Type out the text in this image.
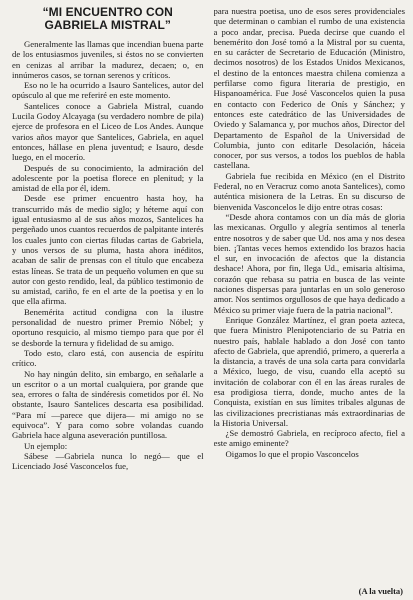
“MI ENCUENTRO CON GABRIELA MISTRAL”

Generalmente las llamas que incendian buena parte de los entusiasmos juveniles, si éstos no se convierten en cenizas al arribar la madurez, decaen; o, en innúmeros casos, se tornan serenos y críticos.

Eso no le ha ocurrido a Isauro Santelices, autor del opúsculo al que me referiré en este momento.

Santelices conoce a Gabriela Mistral, cuando Lucila Godoy Alcayaga (su verdadero nombre de pila) ejerce de profesora en el Liceo de Los Andes. Aunque varios años mayor que Santelices, Gabriela, en aquel entonces, hállase en plena juventud; e Isauro, desde luego, en el mocerío.

Después de su conocimiento, la admiración del adolescente por la poetisa florece en plenitud; y la amistad de ella por él, idem.

Desde ese primer encuentro hasta hoy, ha transcurrido más de medio siglo; y héteme aquí con igual entusiasmo al de sus años mozos, Santelices ha pergeñado unos cuantos recuerdos de palpitante interés los cuales junto con ciertas filudas cartas de Gabriela, y unos versos de su pluma, hasta ahora inéditos, acaban de salir de prensas con el título que encabeza estas líneas. Se trata de un pequeño volumen en que su autor con gesto rendido, leal, da público testimonio de su amistad, cariño, fe en el arte de la poetisa y en lo que ella afirma.

Benemérita actitud condigna con la ilustre personalidad de nuestro primer Premio Nóbel; y oportuno resquicio, al mismo tiempo para que por él se desborde la ternura y fidelidad de su amigo.

Todo esto, claro está, con ausencia de espíritu crítico.

No hay ningún delito, sin embargo, en señalarle a un escritor o a un mortal cualquiera, por grande que sea, errores o falta de sindéresis cometidos por él. No obstante, Isauro Santelices descarta esa posibilidad. “Para mí —parece que dijera— mi amigo no se equivoca”. Y para como sobre volandas cuando Gabriela hace alguna aseveración puntillosa.

Un ejemplo:

Sábese —Gabriela nunca lo negó— que el Licenciado José Vasconcelos fue,

para nuestra poetisa, uno de esos seres providenciales que determinan o cambian el rumbo de una existencia a poco andar, precisa. Pueda decirse que cuando el benemérito don José tomó a la Mistral por su cuenta, en su carácter de Secretario de Educación (Ministro, decimos nosotros) de los Estados Unidos Mexicanos, el destino de la entonces maestra chilena comienza a perfilarse como figura literaria de prestigio, en Hispanoamérica. Fue José Vasconcelos quien la pusa en contacto con Federico de Onís y Sánchez; y entonces este catedrático de las Universidades de Oviedo y Salamanca y, por muchos años, Director del Departamento de Español de la Universidad de Columbia, junto con editarle Desolación, háceia conocer, por sus versos, a todos los pueblos de habla castellana.

Gabriela fue recibida en México (en el Distrito Federal, no en Veracruz como anota Santelices), como auténtica misionera de la Letras. En su discurso de bienvenida Vasconcelos le dijo entre otras cosas:

“Desde ahora contamos con un día más de gloria las mexicanas. Orgullo y alegría sentimos al tenerla entre nosotros y de saber que Ud. nos ama y nos desea bien. ¡Tantas veces hemos extendido los brazos hacia el sur, en invocación de afectos que la distancia deshace! Ahora, por fin, llega Ud., emisaria altísima, corazón que rebasa su patria en busca de las veinte naciones dispersas para juntarlas en un solo generoso amor. Nos sentimos orgullosos de que haya dedicado a México su primer viaje fuera de la patria nacional”.

Enrique González Martínez, el gran poeta azteca, que fuera Ministro Plenipotenciario de su Patria en nuestro país, hablale hablado a don José con tanto afecto de Gabriela, que aprendió, primero, a quererla a la distancia, a través de una sola carta para convidarla a México, luego, de visu, cuando ella aceptó su invitación de colaborar con él en las áreas rurales de esa prodigiosa tierra, donde, mucho antes de la Conquista, existían en sus límites tribales algunas de las civilizaciones precristianas más extraordinarias de la Historia Universal.

¿Se demostró Gabriela, en recíproco afecto, fiel a este amigo eminente?

Oigamos lo que el propio Vasconcelos

(A la vuelta)
